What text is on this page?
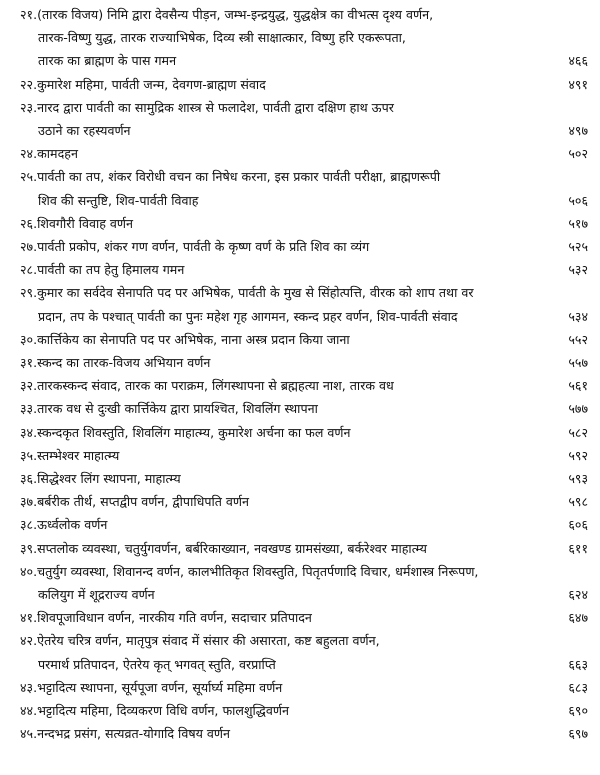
२१. (तारक विजय) निमि द्वारा देवसैन्य पीड़न, जम्भ-इन्द्रयुद्ध, युद्धक्षेत्र का वीभत्स दृश्य वर्णन,
तारक-विष्णु युद्ध, तारक राज्याभिषेक, दिव्य स्त्री साक्षात्कार, विष्णु हरि एकरूपता,
तारक का ब्राह्मण के पास गमन	४६६
२२. कुमारेश महिमा, पार्वती जन्म, देवगण-ब्राह्मण संवाद	४९१
२३. नारद द्वारा पार्वती का सामुद्रिक शास्त्र से फलादेश, पार्वती द्वारा दक्षिण हाथ ऊपर
उठाने का रहस्यवर्णन	४९७
२४. कामदहन	५०२
२५. पार्वती का तप, शंकर विरोधी वचन का निषेध करना, इस प्रकार पार्वती परीक्षा, ब्राह्मणरूपी
शिव की सन्तुष्टि, शिव-पार्वती विवाह	५०६
२६. शिवगौरी विवाह वर्णन	५१७
२७. पार्वती प्रकोप, शंकर गण वर्णन, पार्वती के कृष्ण वर्ण के प्रति शिव का व्यंग	५२५
२८. पार्वती का तप हेतु हिमालय गमन	५३२
२९. कुमार का सर्वदेव सेनापति पद पर अभिषेक, पार्वती के मुख से सिंहोत्पत्ति, वीरक को शाप तथा वर
प्रदान, तप के पश्चात् पार्वती का पुनः महेश गृह आगमन, स्कन्द प्रहर वर्णन, शिव-पार्वती संवाद	५३४
३०. कार्त्तिकेय का सेनापति पद पर अभिषेक, नाना अस्त्र प्रदान किया जाना	५५२
३१. स्कन्द का तारक-विजय अभियान वर्णन	५५७
३२. तारकस्कन्द संवाद, तारक का पराक्रम, लिंगस्थापना से ब्रह्महत्या नाश, तारक वध	५६१
३३. तारक वध से दुःखी कार्त्तिकेय द्वारा प्रायश्चित, शिवलिंग स्थापना	५७७
३४. स्कन्दकृत शिवस्तुति, शिवलिंग माहात्म्य, कुमारेश अर्चना का फल वर्णन	५८२
३५. स्तम्भेश्वर माहात्म्य	५९२
३६. सिद्धेश्वर लिंग स्थापना, माहात्म्य	५९३
३७. बर्बरीक तीर्थ, सप्तद्वीप वर्णन, द्वीपाधिपति वर्णन	५९८
३८. ऊर्ध्वलोक वर्णन	६०६
३९. सप्तलोक व्यवस्था, चतुर्युगवर्णन, बर्बरिकाख्यान, नवखण्ड ग्रामसंख्या, बर्करेश्वर माहात्म्य	६११
४०. चतुर्युग व्यवस्था, शिवानन्द वर्णन, कालभीतिकृत शिवस्तुति, पितृतर्पणादि विचार, धर्मशास्त्र निरूपण,
कलियुग में शूद्रराज्य वर्णन	६२४
४१. शिवपूजाविधान वर्णन, नारकीय गति वर्णन, सदाचार प्रतिपादन	६४७
४२. ऐतरेय चरित्र वर्णन, मातृपुत्र संवाद में संसार की असारता, कष्ट बहुलता वर्णन,
परमार्थ प्रतिपादन, ऐतरेय कृत् भगवत् स्तुति, वरप्राप्ति	६६३
४३. भट्टादित्य स्थापना, सूर्यपूजा वर्णन, सूर्यार्घ्य महिमा वर्णन	६८३
४४. भट्टादित्य महिमा, दिव्यकरण विधि वर्णन, फालशुद्धिवर्णन	६९०
४५. नन्दभद्र प्रसंग, सत्यव्रत-योगादि विषय वर्णन	६९७
